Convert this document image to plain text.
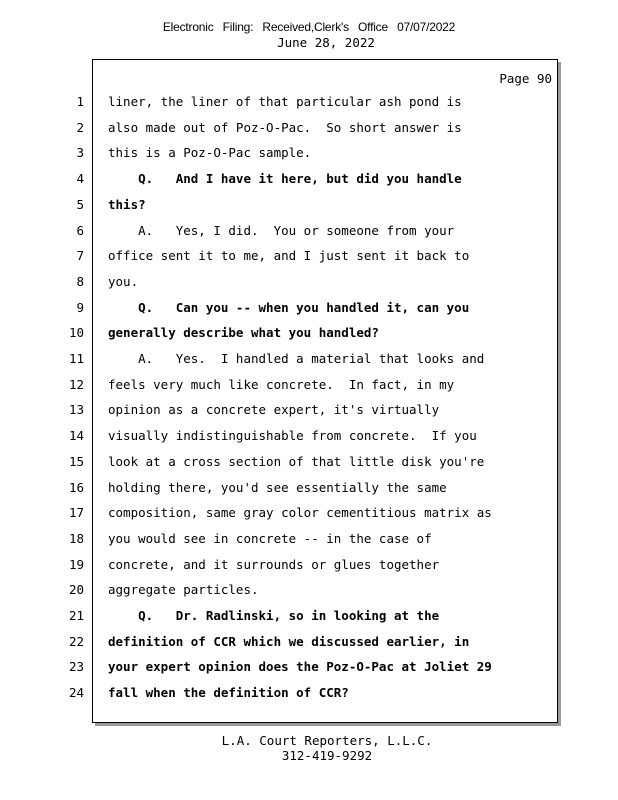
Electronic Filing: Received,Clerk's Office 07/07/2022
June 28, 2022
Page 90
1 liner, the liner of that particular ash pond is
2 also made out of Poz-O-Pac.  So short answer is
3 this is a Poz-O-Pac sample.
4 Q.   And I have it here, but did you handle
5 this?
6 A.   Yes, I did.  You or someone from your
7 office sent it to me, and I just sent it back to
8 you.
9 Q.   Can you -- when you handled it, can you
10 generally describe what you handled?
11 A.   Yes.  I handled a material that looks and
12 feels very much like concrete.  In fact, in my
13 opinion as a concrete expert, it's virtually
14 visually indistinguishable from concrete.  If you
15 look at a cross section of that little disk you're
16 holding there, you'd see essentially the same
17 composition, same gray color cementitious matrix as
18 you would see in concrete -- in the case of
19 concrete, and it surrounds or glues together
20 aggregate particles.
21 Q.   Dr. Radlinski, so in looking at the
22 definition of CCR which we discussed earlier, in
23 your expert opinion does the Poz-O-Pac at Joliet 29
24 fall when the definition of CCR?
L.A. Court Reporters, L.L.C.
312-419-9292
